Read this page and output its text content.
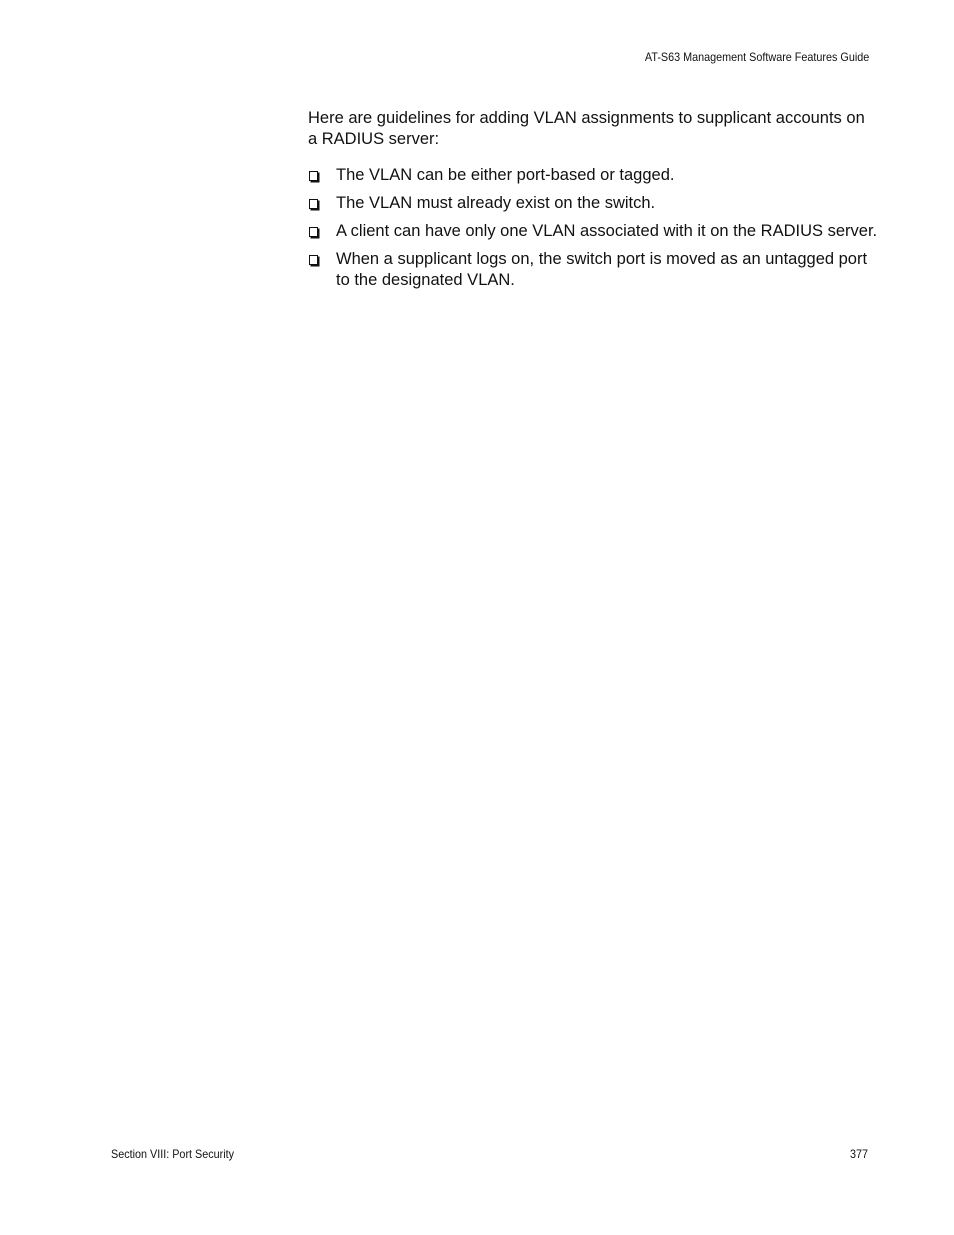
AT-S63 Management Software Features Guide

Here are guidelines for adding VLAN assignments to supplicant accounts on a RADIUS server:

The VLAN can be either port-based or tagged.
The VLAN must already exist on the switch.
A client can have only one VLAN associated with it on the RADIUS server.
When a supplicant logs on, the switch port is moved as an untagged port to the designated VLAN.
Section VIII: Port Security	377
